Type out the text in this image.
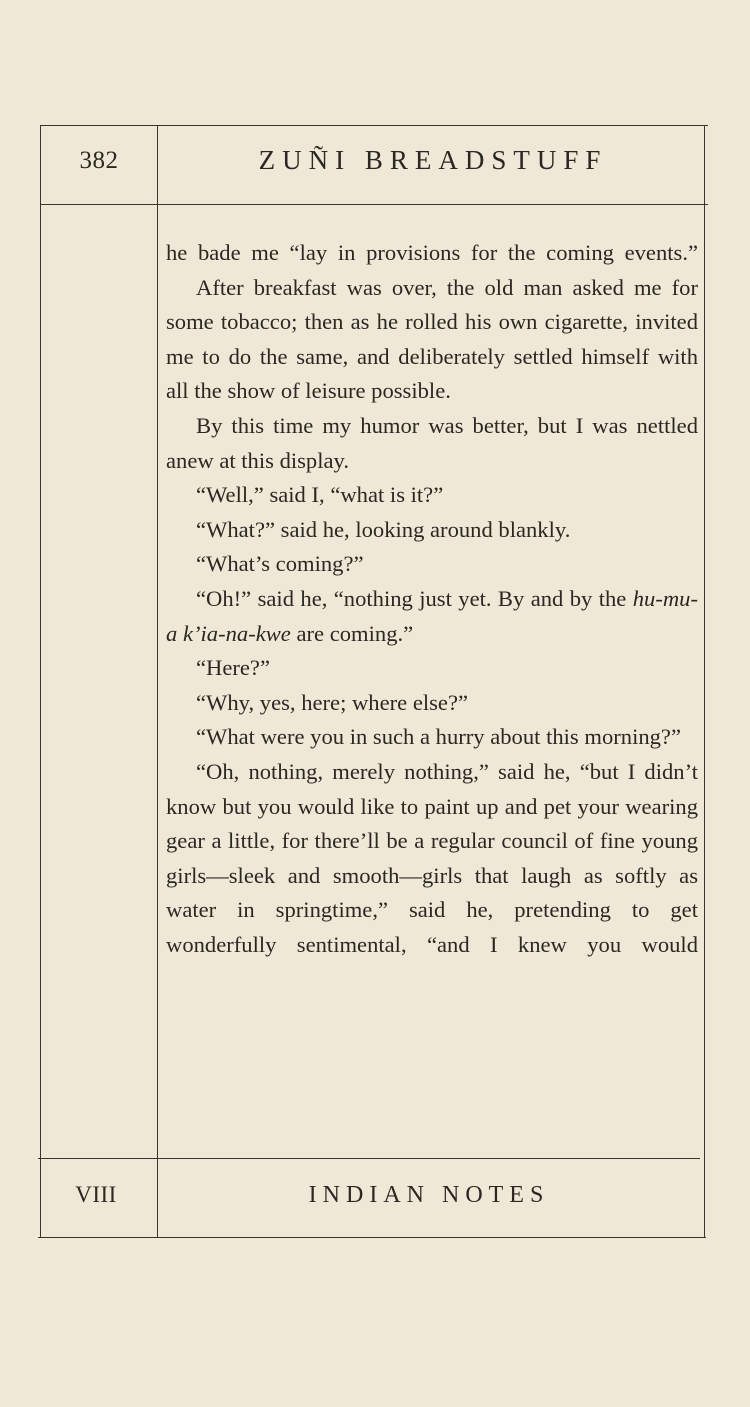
382	ZUÑI BREADSTUFF

he bade me “lay in provisions for the coming events.”

After breakfast was over, the old man asked me for some tobacco; then as he rolled his own cigarette, invited me to do the same, and deliberately settled himself with all the show of leisure possible.

By this time my humor was better, but I was nettled anew at this display.

“Well,” said I, “what is it?”

“What?” said he, looking around blankly.

“What’s coming?”

“Oh!” said he, “nothing just yet. By and by the hu-mu-a k’ia-na-kwe are coming.”

“Here?”

“Why, yes, here; where else?”

“What were you in such a hurry about this morning?”

“Oh, nothing, merely nothing,” said he, “but I didn’t know but you would like to paint up and pet your wearing gear a little, for there’ll be a regular council of fine young girls—sleek and smooth—girls that laugh as softly as water in springtime,” said he, pretending to get wonderfully sentimental, “and I knew you would

VIII	INDIAN NOTES
